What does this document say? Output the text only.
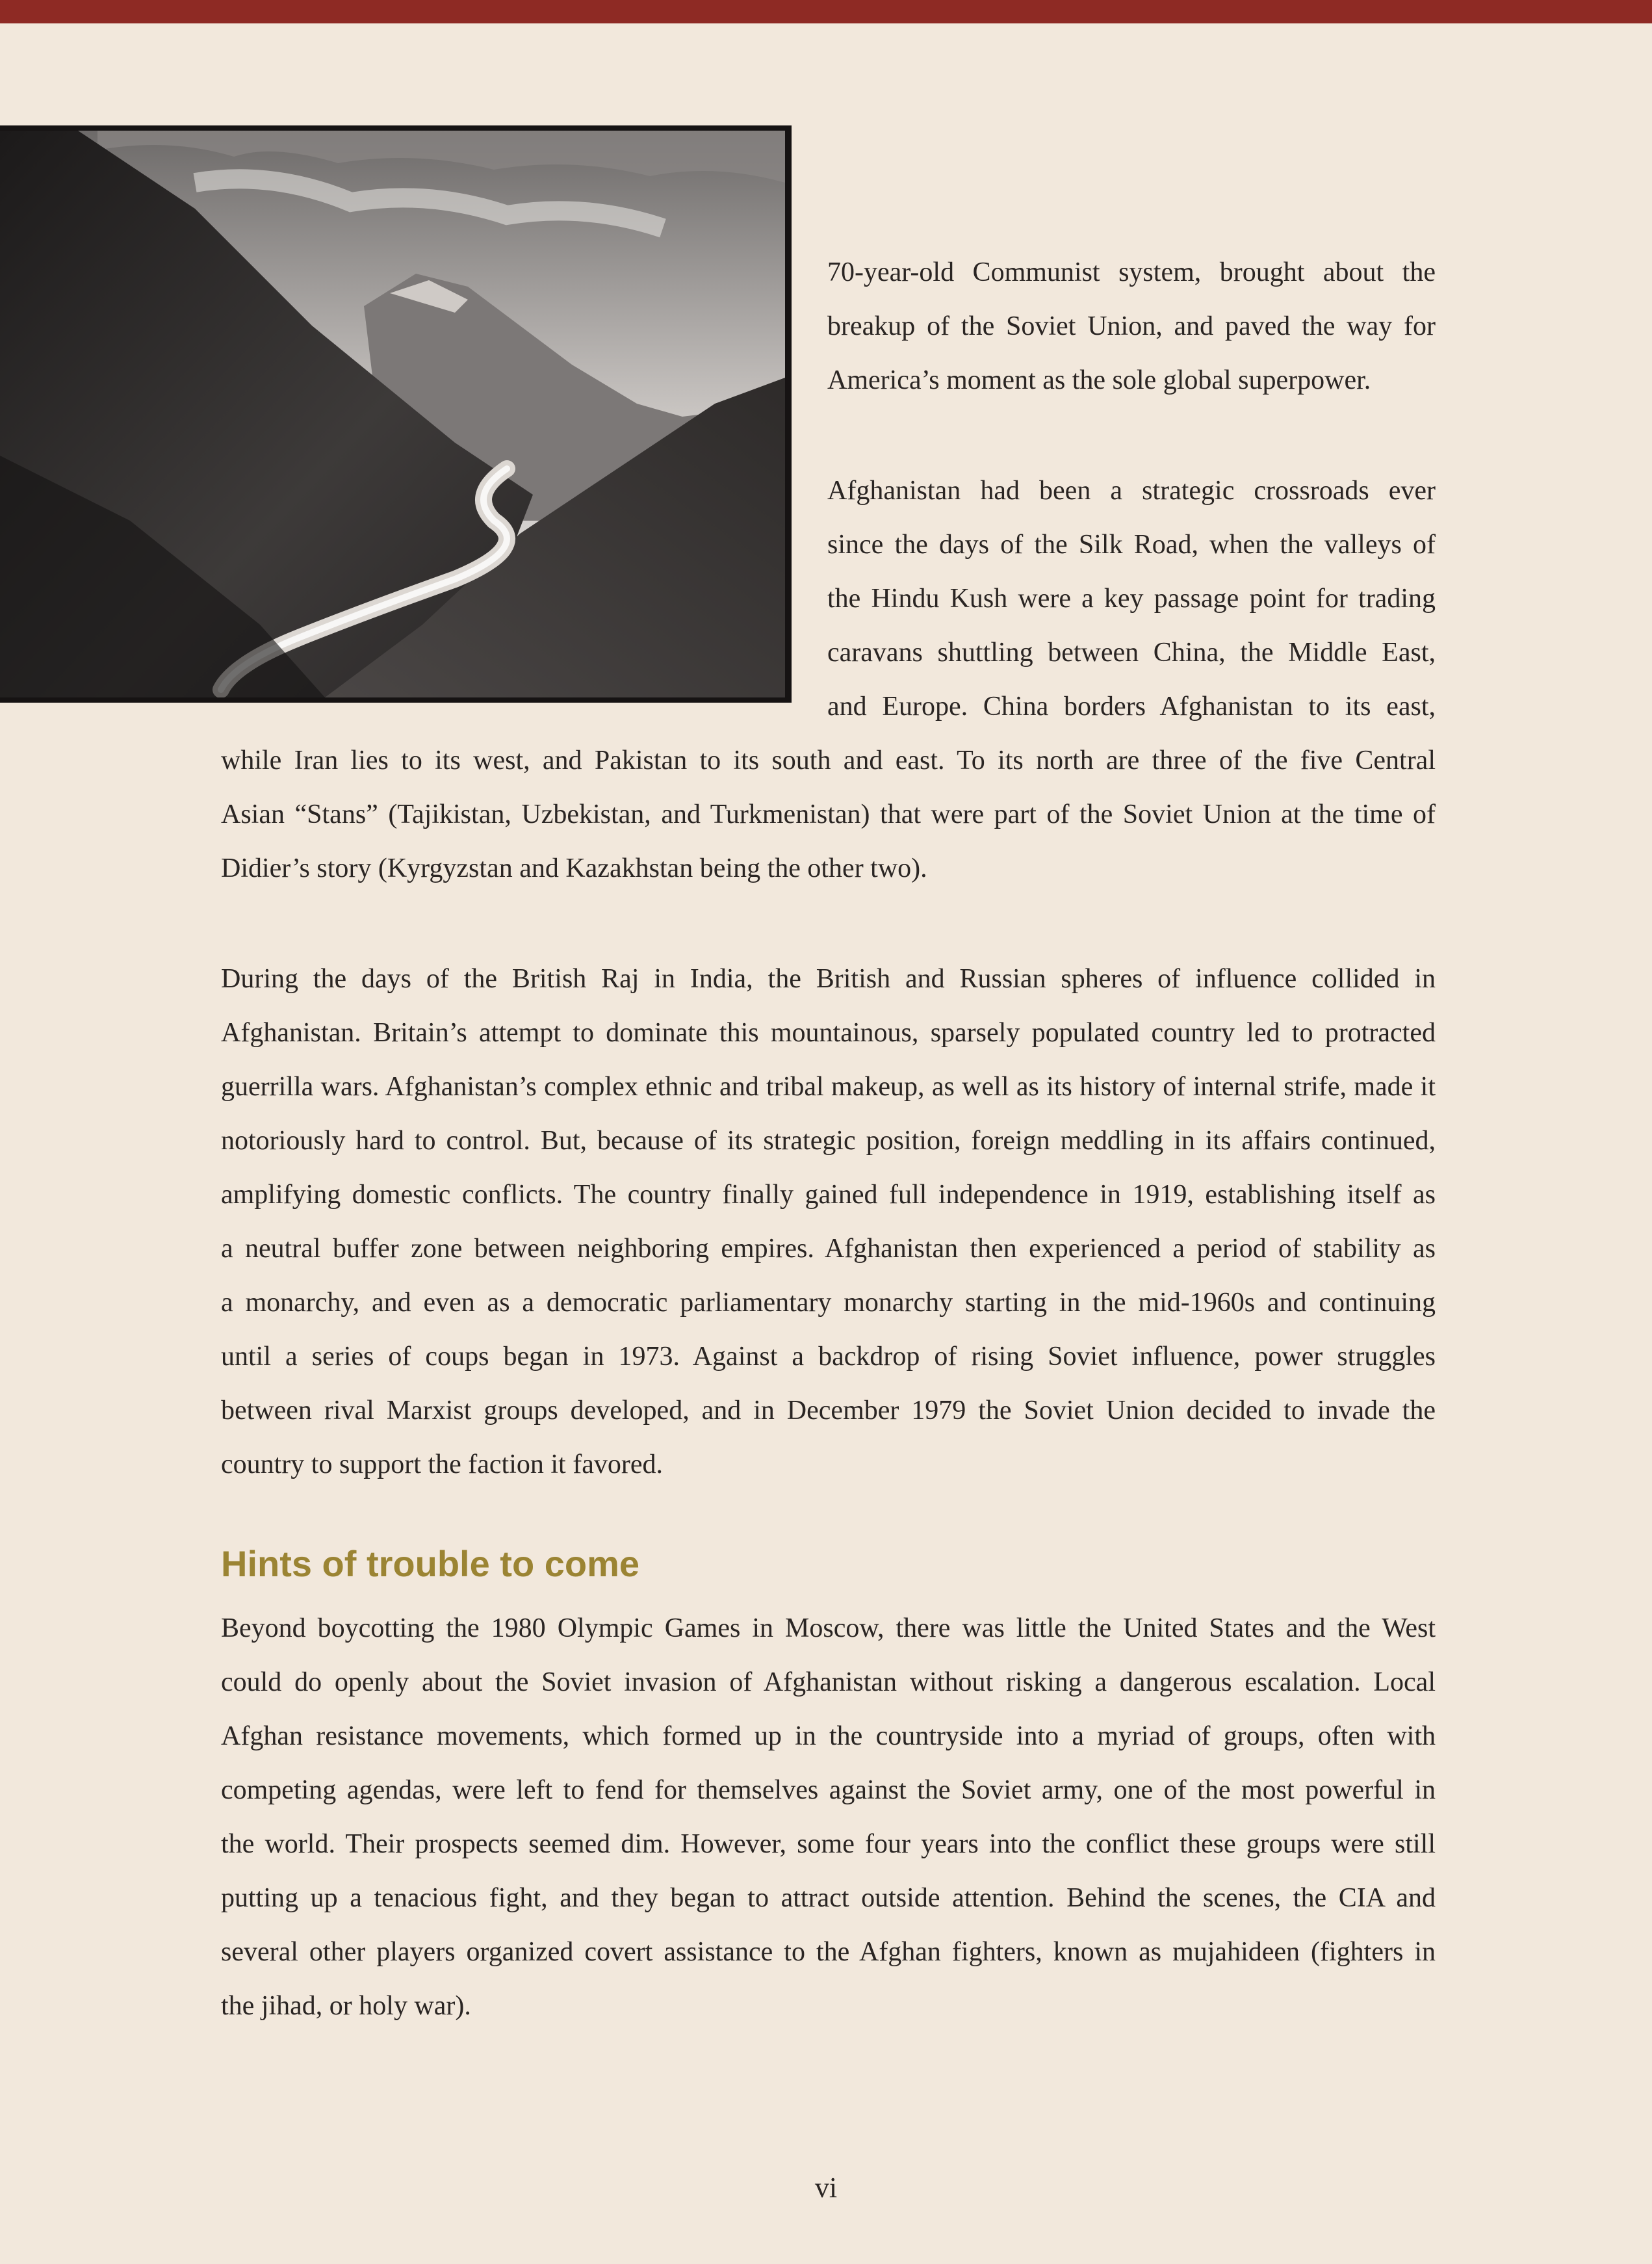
70-year-old Communist system, brought about the
breakup of the Soviet Union, and paved the way for
America’s moment as the sole global superpower.
Afghanistan had been a strategic crossroads ever
since the days of the Silk Road, when the valleys of
the Hindu Kush were a key passage point for trading
caravans shuttling between China, the Middle East,
and Europe. China borders Afghanistan to its east,
while Iran lies to its west, and Pakistan to its south and east. To its north are three of the five Central
Asian “Stans” (Tajikistan, Uzbekistan, and Turkmenistan) that were part of the Soviet Union at the time of
Didier’s story (Kyrgyzstan and Kazakhstan being the other two).
During the days of the British Raj in India, the British and Russian spheres of influence collided in
Afghanistan. Britain’s attempt to dominate this mountainous, sparsely populated country led to protracted
guerrilla wars. Afghanistan’s complex ethnic and tribal makeup, as well as its history of internal strife, made it
notoriously hard to control. But, because of its strategic position, foreign meddling in its affairs continued,
amplifying domestic conflicts. The country finally gained full independence in 1919, establishing itself as
a neutral buffer zone between neighboring empires. Afghanistan then experienced a period of stability as
a monarchy, and even as a democratic parliamentary monarchy starting in the mid-1960s and continuing
until a series of coups began in 1973. Against a backdrop of rising Soviet influence, power struggles
between rival Marxist groups developed, and in December 1979 the Soviet Union decided to invade the
country to support the faction it favored.
Hints of trouble to come
Beyond boycotting the 1980 Olympic Games in Moscow, there was little the United States and the West
could do openly about the Soviet invasion of Afghanistan without risking a dangerous escalation. Local
Afghan resistance movements, which formed up in the countryside into a myriad of groups, often with
competing agendas, were left to fend for themselves against the Soviet army, one of the most powerful in
the world. Their prospects seemed dim. However, some four years into the conflict these groups were still
putting up a tenacious fight, and they began to attract outside attention. Behind the scenes, the CIA and
several other players organized covert assistance to the Afghan fighters, known as mujahideen (fighters in
the jihad, or holy war).
vi
